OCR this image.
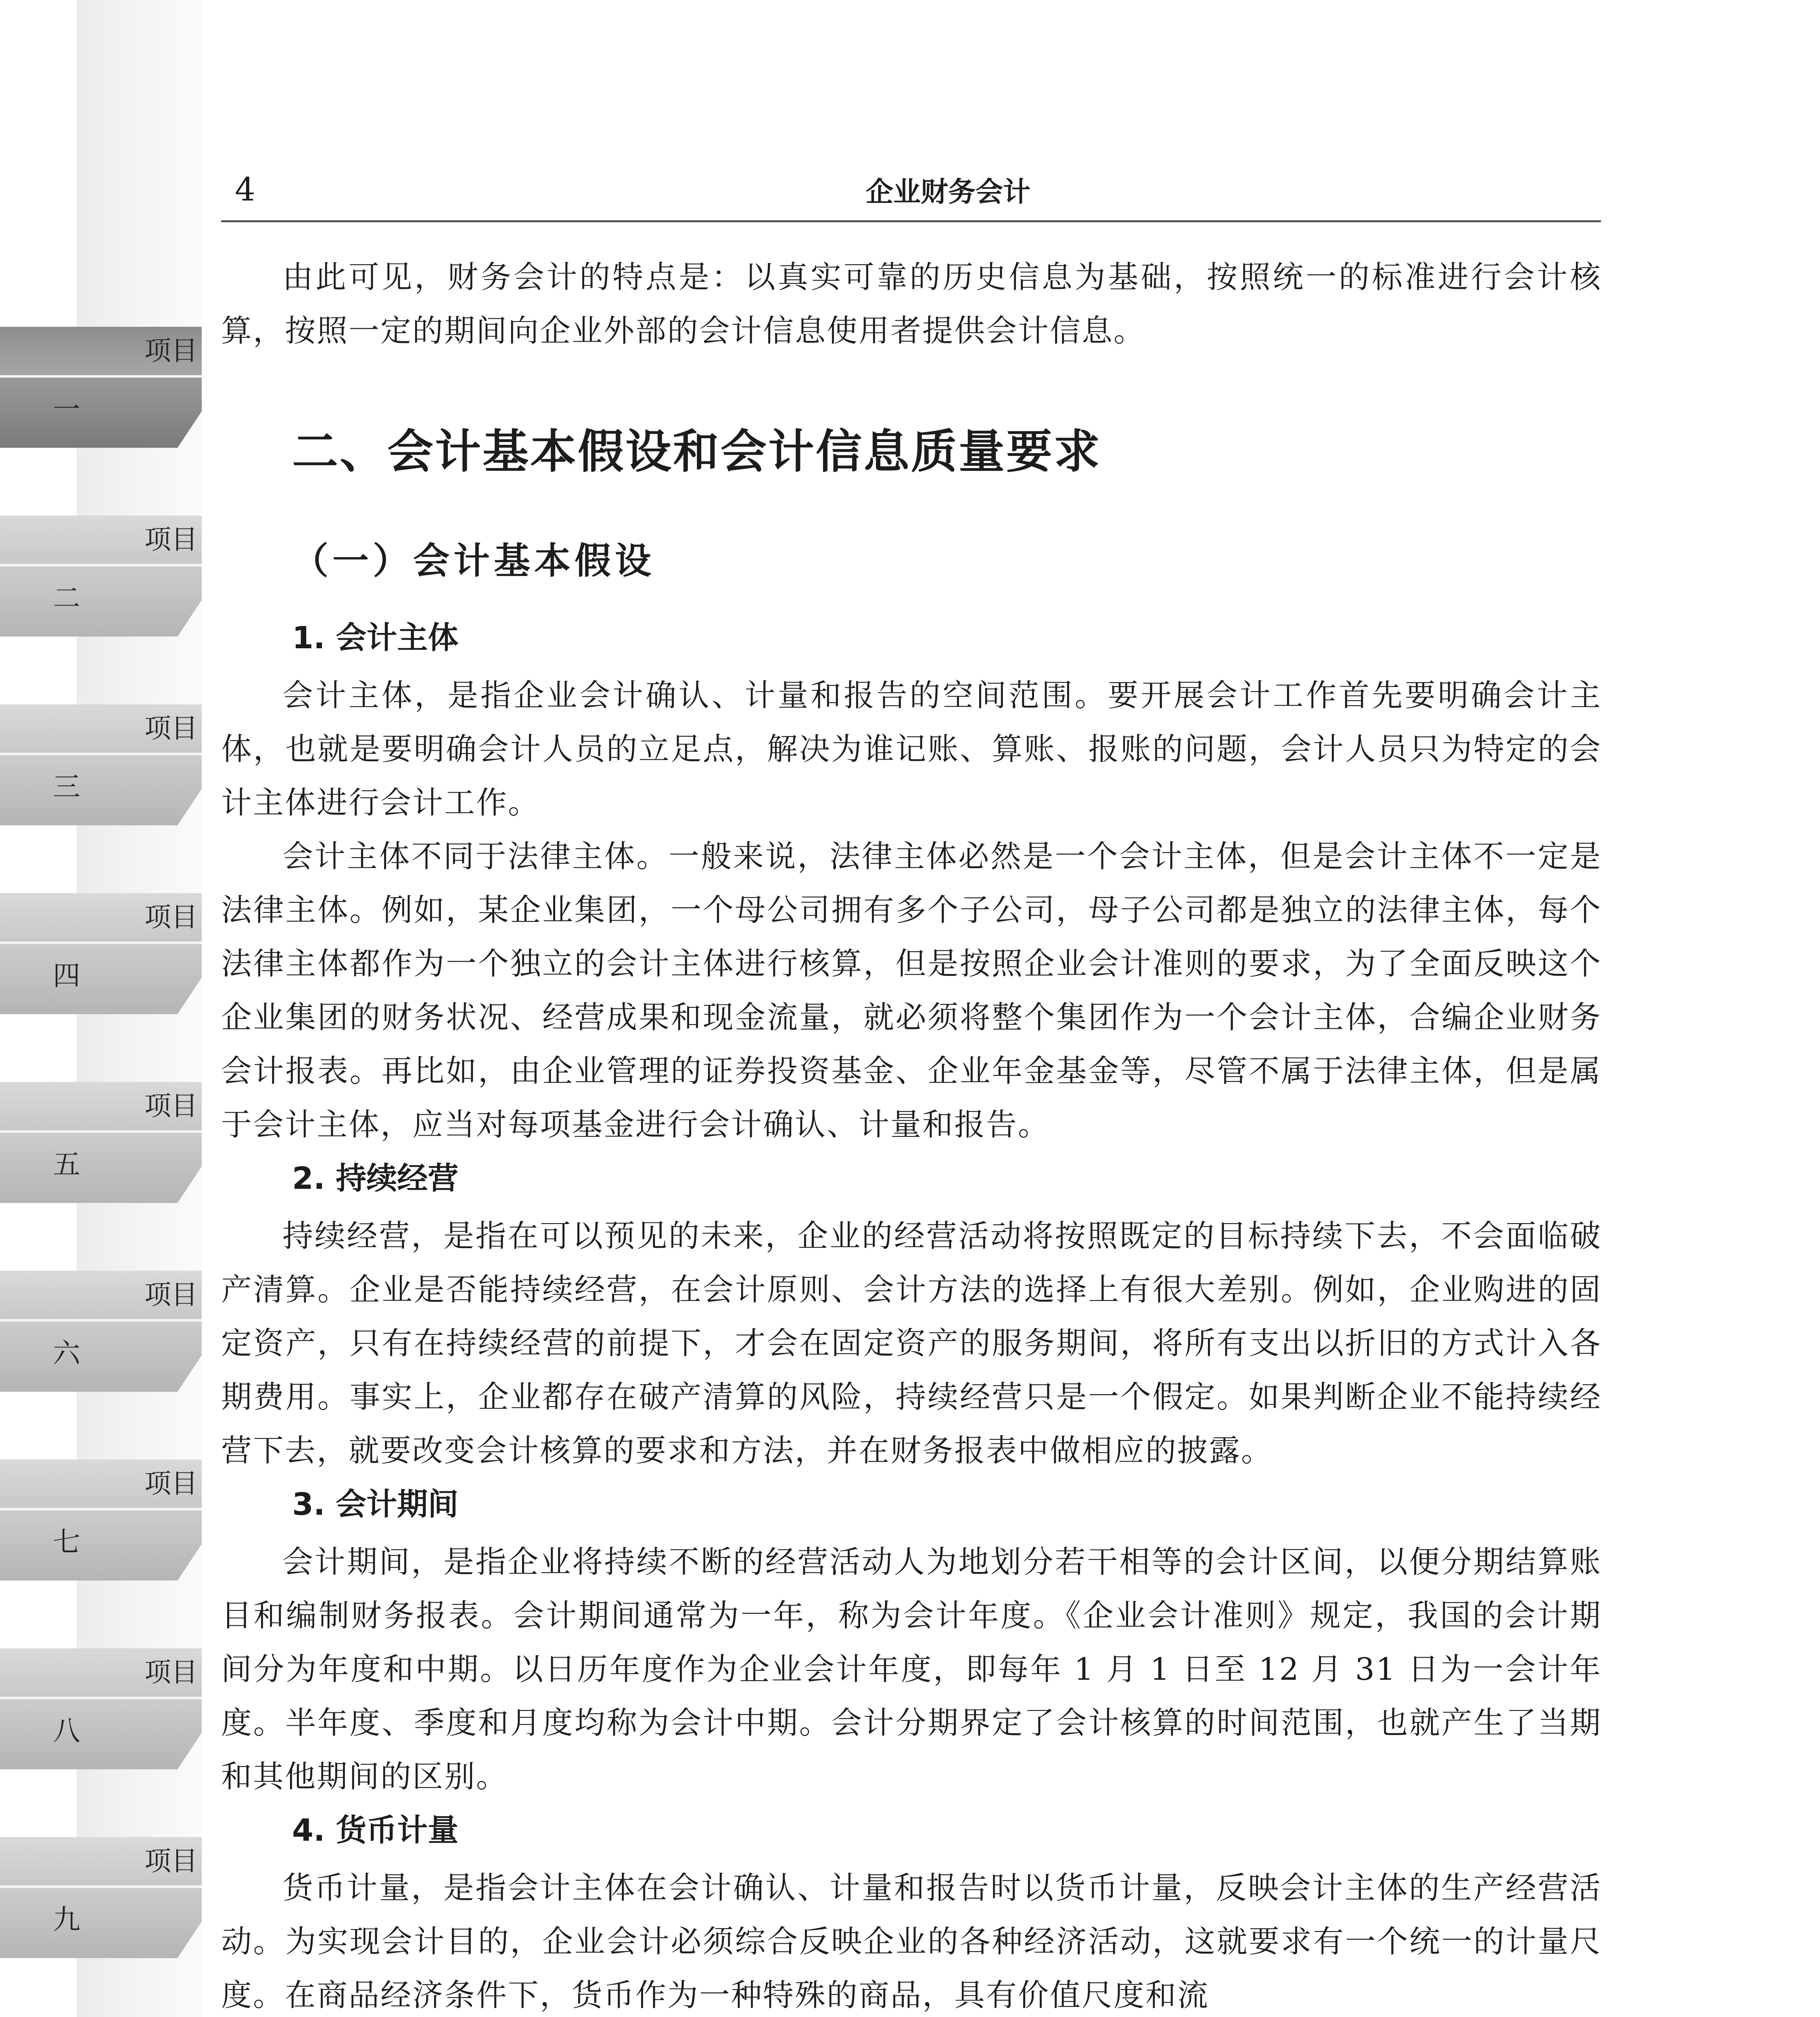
项目
一
项目
二
项目
三
项目
四
项目
五
项目
六
项目
七
项目
八
项目
九
4	企业财务会计

由此可见，财务会计的特点是：以真实可靠的历史信息为基础，按照统一的标准进行会计核算，按照一定的期间向企业外部的会计信息使用者提供会计信息。

二、会计基本假设和会计信息质量要求
（一）会计基本假设
1. 会计主体

会计主体，是指企业会计确认、计量和报告的空间范围。要开展会计工作首先要明确会计主体，也就是要明确会计人员的立足点，解决为谁记账、算账、报账的问题，会计人员只为特定的会计主体进行会计工作。

会计主体不同于法律主体。一般来说，法律主体必然是一个会计主体，但是会计主体不一定是法律主体。例如，某企业集团，一个母公司拥有多个子公司，母子公司都是独立的法律主体，每个法律主体都作为一个独立的会计主体进行核算，但是按照企业会计准则的要求，为了全面反映这个企业集团的财务状况、经营成果和现金流量，就必须将整个集团作为一个会计主体，合编企业财务会计报表。再比如，由企业管理的证券投资基金、企业年金基金等，尽管不属于法律主体，但是属于会计主体，应当对每项基金进行会计确认、计量和报告。

2. 持续经营

持续经营，是指在可以预见的未来，企业的经营活动将按照既定的目标持续下去，不会面临破产清算。企业是否能持续经营，在会计原则、会计方法的选择上有很大差别。例如，企业购进的固定资产，只有在持续经营的前提下，才会在固定资产的服务期间，将所有支出以折旧的方式计入各期费用。事实上，企业都存在破产清算的风险，持续经营只是一个假定。如果判断企业不能持续经营下去，就要改变会计核算的要求和方法，并在财务报表中做相应的披露。

3. 会计期间

会计期间，是指企业将持续不断的经营活动人为地划分若干相等的会计区间，以便分期结算账目和编制财务报表。会计期间通常为一年，称为会计年度。《企业会计准则》规定，我国的会计期间分为年度和中期。以日历年度作为企业会计年度，即每年 1 月 1 日至 12 月 31 日为一会计年度。半年度、季度和月度均称为会计中期。会计分期界定了会计核算的时间范围，也就产生了当期和其他期间的区别。

4. 货币计量

货币计量，是指会计主体在会计确认、计量和报告时以货币计量，反映会计主体的生产经营活动。为实现会计目的，企业会计必须综合反映企业的各种经济活动，这就要求有一个统一的计量尺度。在商品经济条件下，货币作为一种特殊的商品，具有价值尺度和流
